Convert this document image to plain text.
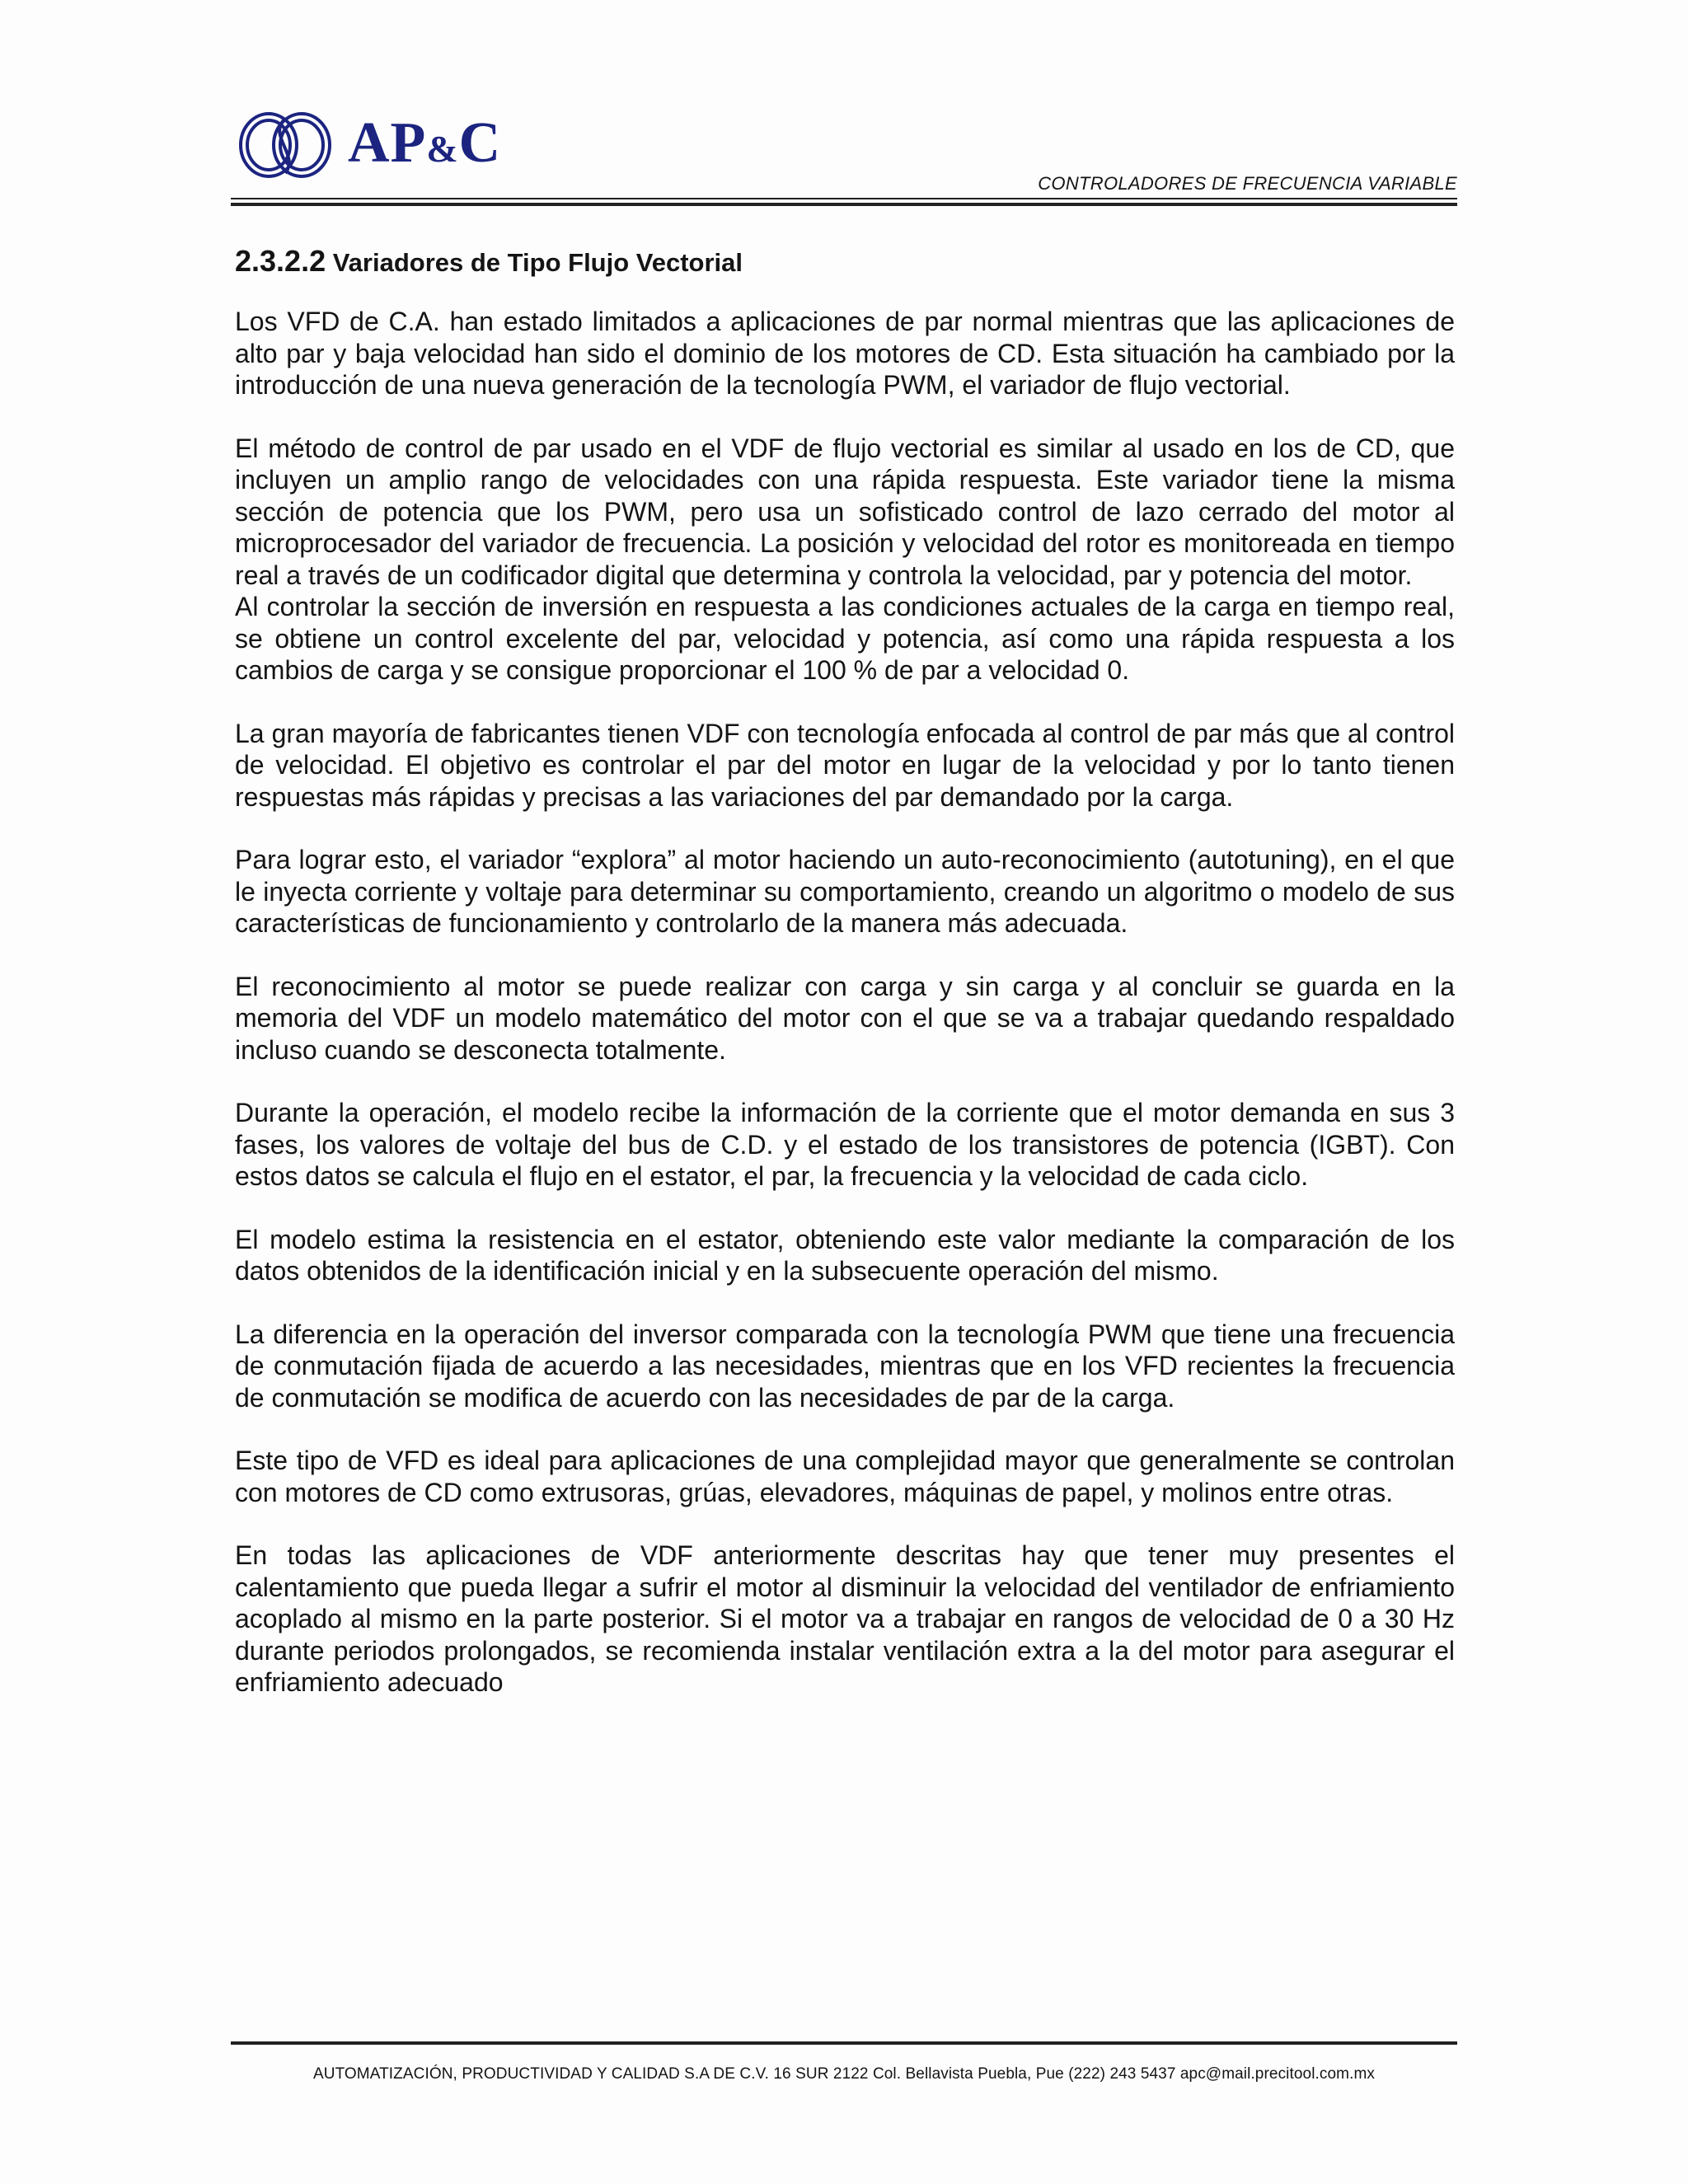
AP&C
CONTROLADORES DE FRECUENCIA VARIABLE
2.3.2.2 Variadores de Tipo Flujo Vectorial

Los VFD de C.A. han estado limitados a aplicaciones de par normal mientras que las aplicaciones de alto par y baja velocidad han sido el dominio de los motores de CD. Esta situación ha cambiado por la introducción de una nueva generación de la tecnología PWM, el variador de flujo vectorial.

El método de control de par usado en el VDF de flujo vectorial es similar al usado en los de CD, que incluyen un amplio rango de velocidades con una rápida respuesta. Este variador tiene la misma sección de potencia que los PWM, pero usa un sofisticado control de lazo cerrado del motor al microprocesador del variador de frecuencia. La posición y velocidad del rotor es monitoreada en tiempo real a través de un codificador digital que determina y controla la velocidad, par y potencia del motor.

Al controlar la sección de inversión en respuesta a las condiciones actuales de la carga en tiempo real, se obtiene un control excelente del par, velocidad y potencia, así como una rápida respuesta a los cambios de carga y se consigue proporcionar el 100 % de par a velocidad 0.

La gran mayoría de fabricantes tienen VDF con tecnología enfocada al control de par más que al control de velocidad. El objetivo es controlar el par del motor en lugar de la velocidad y por lo tanto tienen respuestas más rápidas y precisas a las variaciones del par demandado por la carga.

Para lograr esto, el variador “explora” al motor haciendo un auto-reconocimiento (autotuning), en el que le inyecta corriente y voltaje para determinar su comportamiento, creando un algoritmo o modelo de sus características de funcionamiento y controlarlo de la manera más adecuada.

El reconocimiento al motor se puede realizar con carga y sin carga y al concluir se guarda en la memoria del VDF un modelo matemático del motor con el que se va a trabajar quedando respaldado incluso cuando se desconecta totalmente.

Durante la operación, el modelo recibe la información de la corriente que el motor demanda en sus 3 fases, los valores de voltaje del bus de C.D. y el estado de los transistores de potencia (IGBT). Con estos datos se calcula el flujo en el estator, el par, la frecuencia y la velocidad de cada ciclo.

El modelo estima la resistencia en el estator, obteniendo este valor mediante la comparación de los datos obtenidos de la identificación inicial y en la subsecuente operación del mismo.

La diferencia en la operación del inversor comparada con la tecnología PWM que tiene una frecuencia de conmutación fijada de acuerdo a las necesidades, mientras que en los VFD recientes la frecuencia de conmutación se modifica de acuerdo con las necesidades de par de la carga.

Este tipo de VFD es ideal para aplicaciones de una complejidad mayor que generalmente se controlan con motores de CD como extrusoras, grúas, elevadores, máquinas de papel, y molinos entre otras.

En todas las aplicaciones de VDF anteriormente descritas hay que tener muy presentes el calentamiento que pueda llegar a sufrir el motor al disminuir la velocidad del ventilador de enfriamiento acoplado al mismo en la parte posterior. Si el motor va a trabajar en rangos de velocidad de 0 a 30 Hz durante periodos prolongados, se recomienda instalar ventilación extra a la del motor para asegurar el enfriamiento adecuado

AUTOMATIZACIÓN, PRODUCTIVIDAD Y CALIDAD S.A DE C.V. 16 SUR 2122 Col. Bellavista Puebla, Pue (222) 243 5437 apc@mail.precitool.com.mx
